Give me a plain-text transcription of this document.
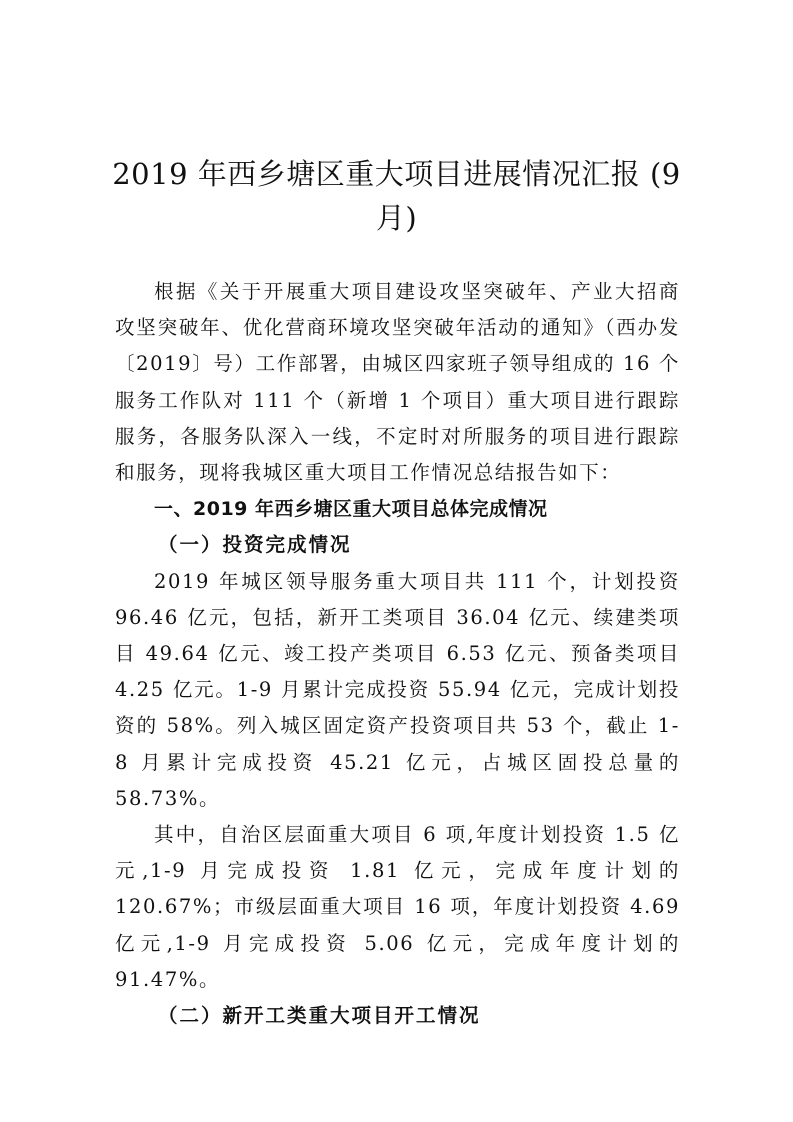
2019 年西乡塘区重大项目进展情况汇报 (9
月)

根据《关于开展重大项目建设攻坚突破年、产业大招商攻坚突破年、优化营商环境攻坚突破年活动的通知》（西办发〔2019〕号）工作部署，由城区四家班子领导组成的 16 个服务工作队对 111 个（新增 1 个项目）重大项目进行跟踪服务，各服务队深入一线，不定时对所服务的项目进行跟踪和服务，现将我城区重大项目工作情况总结报告如下：

一、2019 年西乡塘区重大项目总体完成情况

（一）投资完成情况

2019 年城区领导服务重大项目共 111 个，计划投资 96.46 亿元，包括，新开工类项目 36.04 亿元、续建类项目 49.64 亿元、竣工投产类项目 6.53 亿元、预备类项目 4.25 亿元。1-9 月累计完成投资 55.94 亿元，完成计划投资的 58%。列入城区固定资产投资项目共 53 个，截止 1-8 月累计完成投资 45.21 亿元，占城区固投总量的 58.73%。

其中，自治区层面重大项目 6 项,年度计划投资 1.5 亿元,1-9 月完成投资 1.81 亿元，完成年度计划的 120.67%；市级层面重大项目 16 项，年度计划投资 4.69 亿元,1-9 月完成投资 5.06 亿元，完成年度计划的 91.47%。

（二）新开工类重大项目开工情况
